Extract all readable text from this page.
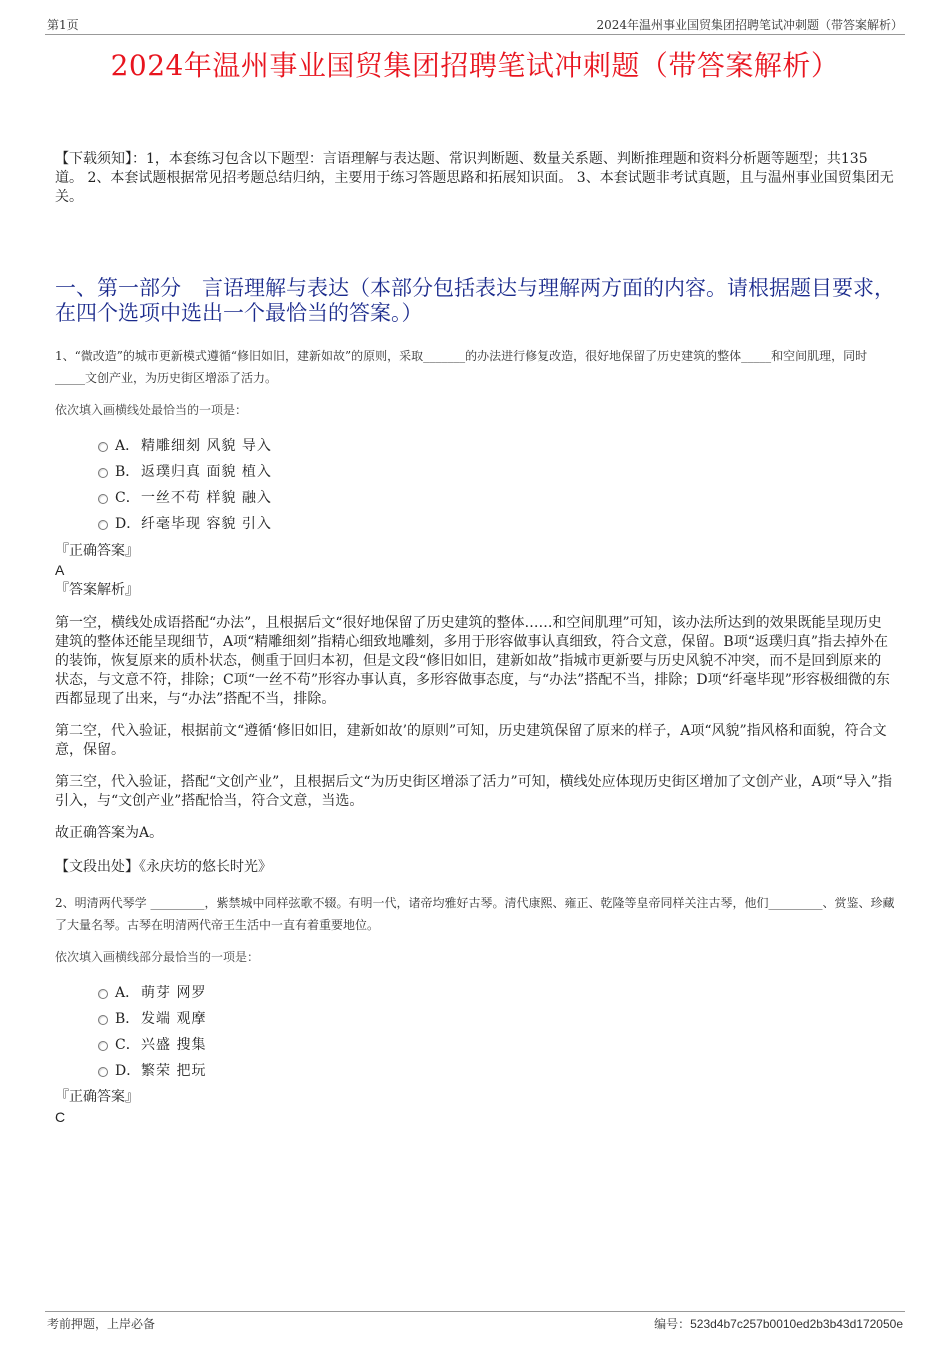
第1页	2024年温州事业国贸集团招聘笔试冲刺题（带答案解析）
2024年温州事业国贸集团招聘笔试冲刺题（带答案解析）
【下载须知】：1，本套练习包含以下题型：言语理解与表达题、常识判断题、数量关系题、判断推理题和资料分析题等题型；共135道。 2、本套试题根据常见招考题总结归纳，主要用于练习答题思路和拓展知识面。 3、本套试题非考试真题，且与温州事业国贸集团无关。
一、第一部分　言语理解与表达（本部分包括表达与理解两方面的内容。请根据题目要求，在四个选项中选出一个最恰当的答案。）
1、“微改造”的城市更新模式遵循“修旧如旧，建新如故”的原则，采取_______的办法进行修复改造，很好地保留了历史建筑的整体_____和空间肌理，同时_____文创产业，为历史街区增添了活力。
依次填入画横线处最恰当的一项是：
A． 精雕细刻 风貌 导入
B． 返璞归真 面貌 植入
C． 一丝不苟 样貌 融入
D． 纤毫毕现 容貌 引入
『正确答案』
A
『答案解析』

第一空，横线处成语搭配“办法”，且根据后文“很好地保留了历史建筑的整体……和空间肌理”可知，该办法所达到的效果既能呈现历史建筑的整体还能呈现细节，A项“精雕细刻”指精心细致地雕刻，多用于形容做事认真细致，符合文意，保留。B项“返璞归真”指去掉外在的装饰，恢复原来的质朴状态，侧重于回归本初，但是文段“修旧如旧，建新如故”指城市更新要与历史风貌不冲突，而不是回到原来的状态，与文意不符，排除；C项“一丝不苟”形容办事认真，多形容做事态度，与“办法”搭配不当，排除；D项“纤毫毕现”形容极细微的东西都显现了出来，与“办法”搭配不当，排除。

第二空，代入验证，根据前文“遵循‘修旧如旧，建新如故’的原则”可知，历史建筑保留了原来的样子，A项“风貌”指风格和面貌，符合文意，保留。

第三空，代入验证，搭配“文创产业”，且根据后文“为历史街区增添了活力”可知，横线处应体现历史街区增加了文创产业，A项“导入”指引入，与“文创产业”搭配恰当，符合文意，当选。

故正确答案为A。

【文段出处】《永庆坊的悠长时光》
2、明清两代琴学 _________，紫禁城中同样弦歌不辍。有明一代，诸帝均雅好古琴。清代康熙、雍正、乾隆等皇帝同样关注古琴，他们_________、赏鉴、珍藏了大量名琴。古琴在明清两代帝王生活中一直有着重要地位。
依次填入画横线部分最恰当的一项是：
A． 萌芽 网罗
B． 发端 观摩
C． 兴盛 搜集
D． 繁荣 把玩
『正确答案』
C
考前押题，上岸必备	编号：523d4b7c257b0010ed2b3b43d172050e
